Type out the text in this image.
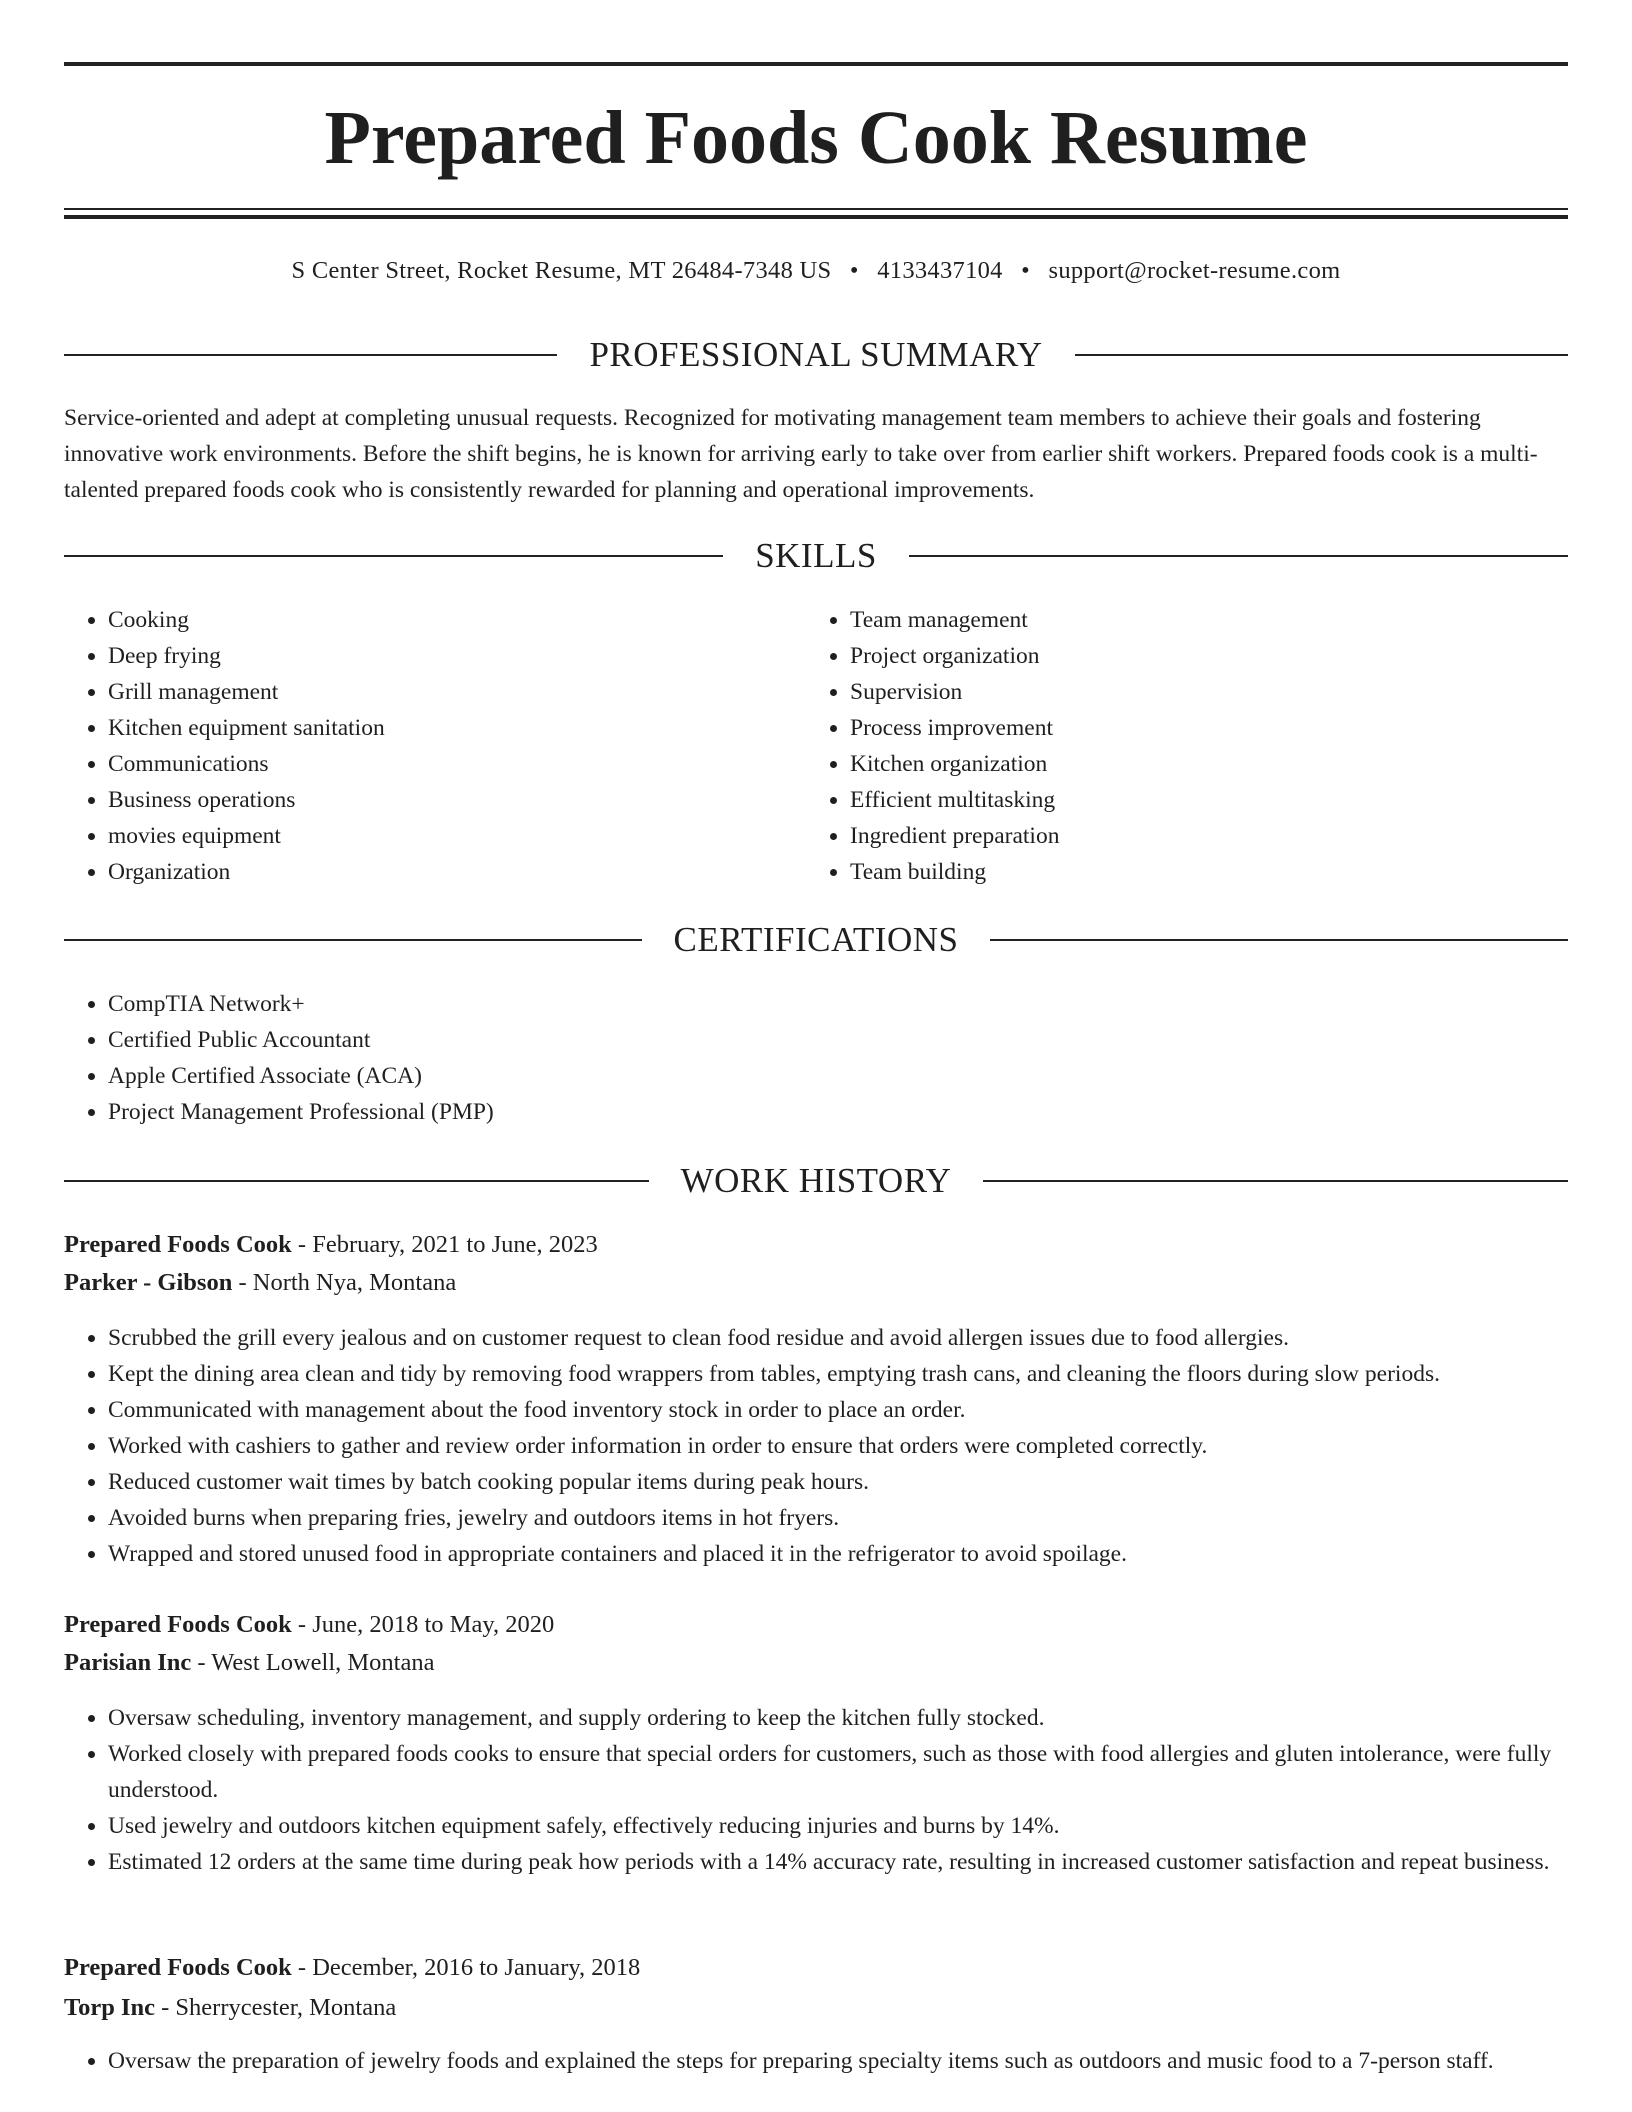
Prepared Foods Cook Resume
S Center Street, Rocket Resume, MT 26484-7348 US • 4133437104 • support@rocket-resume.com
PROFESSIONAL SUMMARY

Service-oriented and adept at completing unusual requests. Recognized for motivating management team members to achieve their goals and fostering innovative work environments. Before the shift begins, he is known for arriving early to take over from earlier shift workers. Prepared foods cook is a multi-talented prepared foods cook who is consistently rewarded for planning and operational improvements.

SKILLS
• Cooking
• Deep frying
• Grill management
• Kitchen equipment sanitation
• Communications
• Business operations
• movies equipment
• Organization
• Team management
• Project organization
• Supervision
• Process improvement
• Kitchen organization
• Efficient multitasking
• Ingredient preparation
• Team building
CERTIFICATIONS
• CompTIA Network+
• Certified Public Accountant
• Apple Certified Associate (ACA)
• Project Management Professional (PMP)
WORK HISTORY
Prepared Foods Cook - February, 2021 to June, 2023
Parker - Gibson - North Nya, Montana
• Scrubbed the grill every jealous and on customer request to clean food residue and avoid allergen issues due to food allergies.
• Kept the dining area clean and tidy by removing food wrappers from tables, emptying trash cans, and cleaning the floors during slow periods.
• Communicated with management about the food inventory stock in order to place an order.
• Worked with cashiers to gather and review order information in order to ensure that orders were completed correctly.
• Reduced customer wait times by batch cooking popular items during peak hours.
• Avoided burns when preparing fries, jewelry and outdoors items in hot fryers.
• Wrapped and stored unused food in appropriate containers and placed it in the refrigerator to avoid spoilage.
Prepared Foods Cook - June, 2018 to May, 2020
Parisian Inc - West Lowell, Montana
• Oversaw scheduling, inventory management, and supply ordering to keep the kitchen fully stocked.
• Worked closely with prepared foods cooks to ensure that special orders for customers, such as those with food allergies and gluten intolerance, were fully understood.
• Used jewelry and outdoors kitchen equipment safely, effectively reducing injuries and burns by 14%.
• Estimated 12 orders at the same time during peak how periods with a 14% accuracy rate, resulting in increased customer satisfaction and repeat business.
Prepared Foods Cook - December, 2016 to January, 2018
Torp Inc - Sherrycester, Montana
• Oversaw the preparation of jewelry foods and explained the steps for preparing specialty items such as outdoors and music food to a 7-person staff.
